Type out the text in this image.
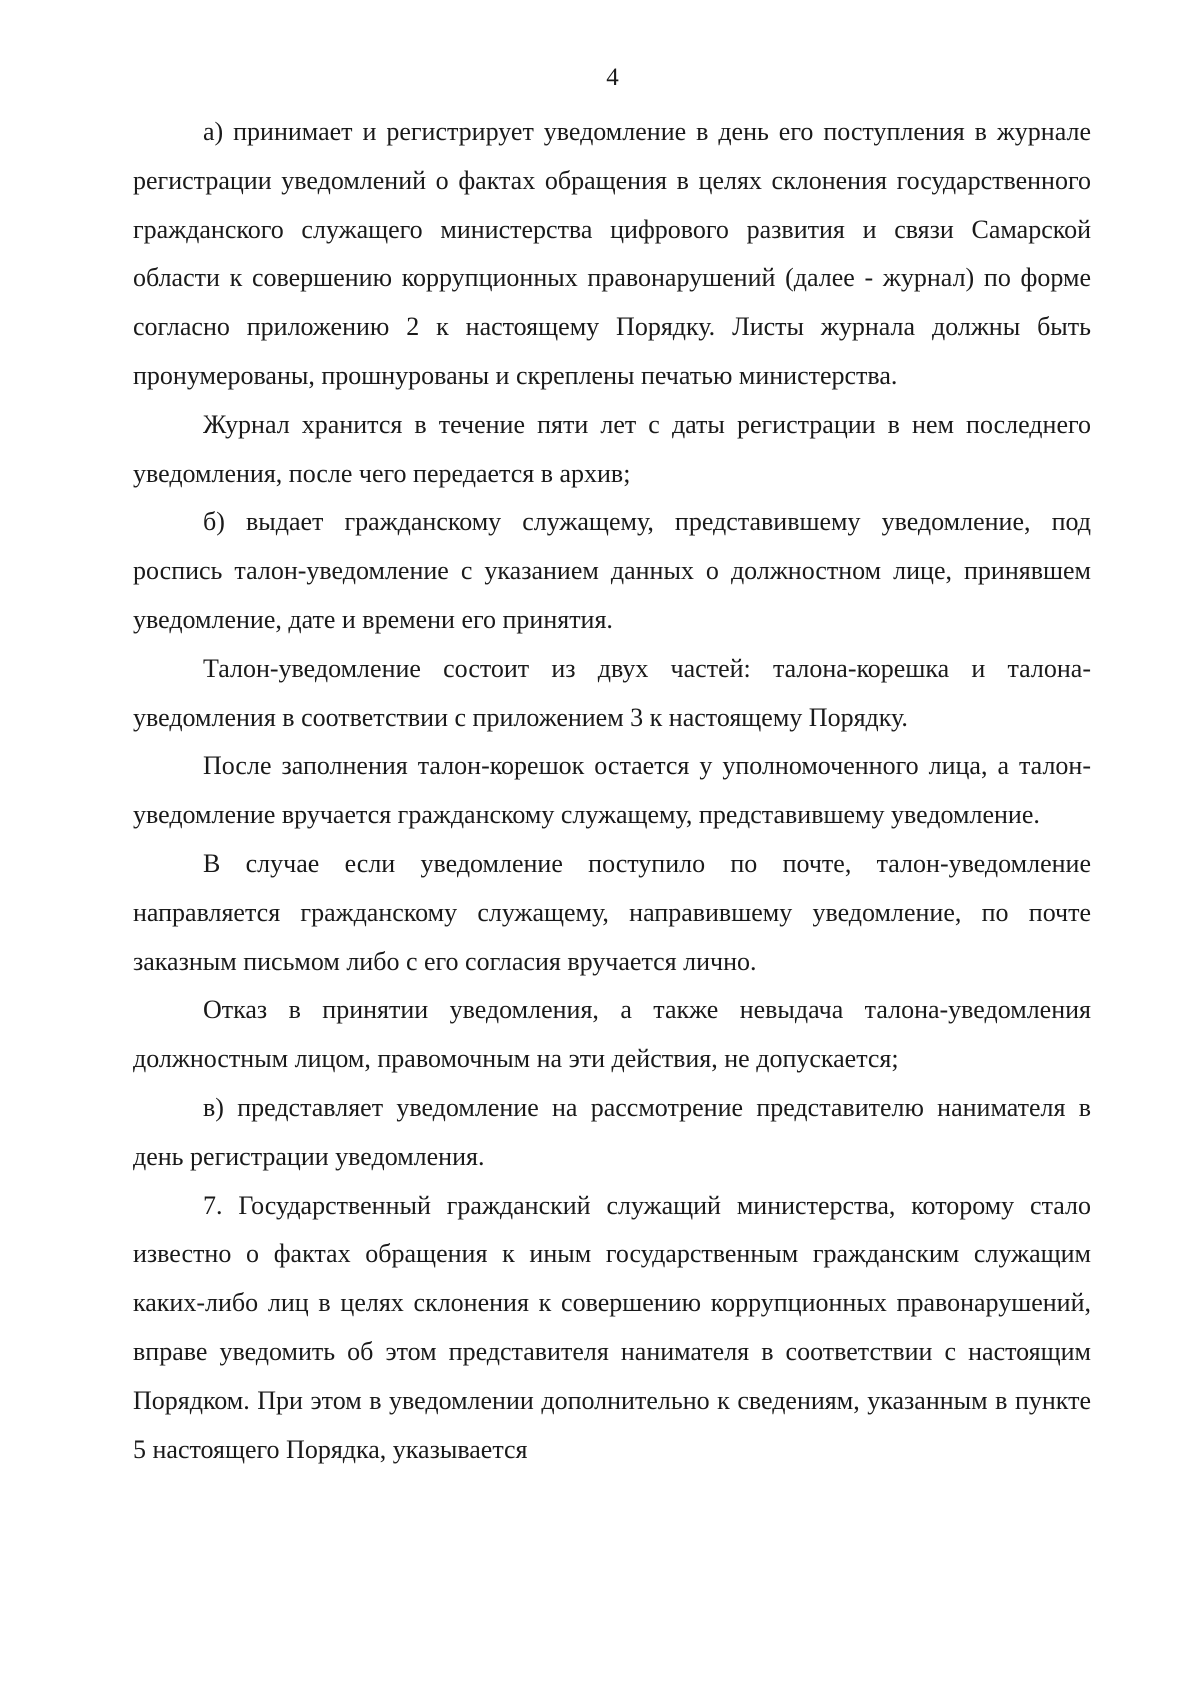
4

а) принимает и регистрирует уведомление в день его поступления в журнале регистрации уведомлений о фактах обращения в целях склонения государственного гражданского служащего министерства цифрового развития и связи Самарской области к совершению коррупционных правонарушений (далее - журнал) по форме согласно приложению 2 к настоящему Порядку. Листы журнала должны быть пронумерованы, прошнурованы и скреплены печатью министерства.

Журнал хранится в течение пяти лет с даты регистрации в нем последнего уведомления, после чего передается в архив;

б) выдает гражданскому служащему, представившему уведомление, под роспись талон-уведомление с указанием данных о должностном лице, принявшем уведомление, дате и времени его принятия.

Талон-уведомление состоит из двух частей: талона-корешка и талона-уведомления в соответствии с приложением 3 к настоящему Порядку.

После заполнения талон-корешок остается у уполномоченного лица, а талон-уведомление вручается гражданскому служащему, представившему уведомление.

В случае если уведомление поступило по почте, талон-уведомление направляется гражданскому служащему, направившему уведомление, по почте заказным письмом либо с его согласия вручается лично.

Отказ в принятии уведомления, а также невыдача талона-уведомления должностным лицом, правомочным на эти действия, не допускается;

в) представляет уведомление на рассмотрение представителю нанимателя в день регистрации уведомления.

7. Государственный гражданский служащий министерства, которому стало известно о фактах обращения к иным государственным гражданским служащим каких-либо лиц в целях склонения к совершению коррупционных правонарушений, вправе уведомить об этом представителя нанимателя в соответствии с настоящим Порядком. При этом в уведомлении дополнительно к сведениям, указанным в пункте 5 настоящего Порядка, указывается
